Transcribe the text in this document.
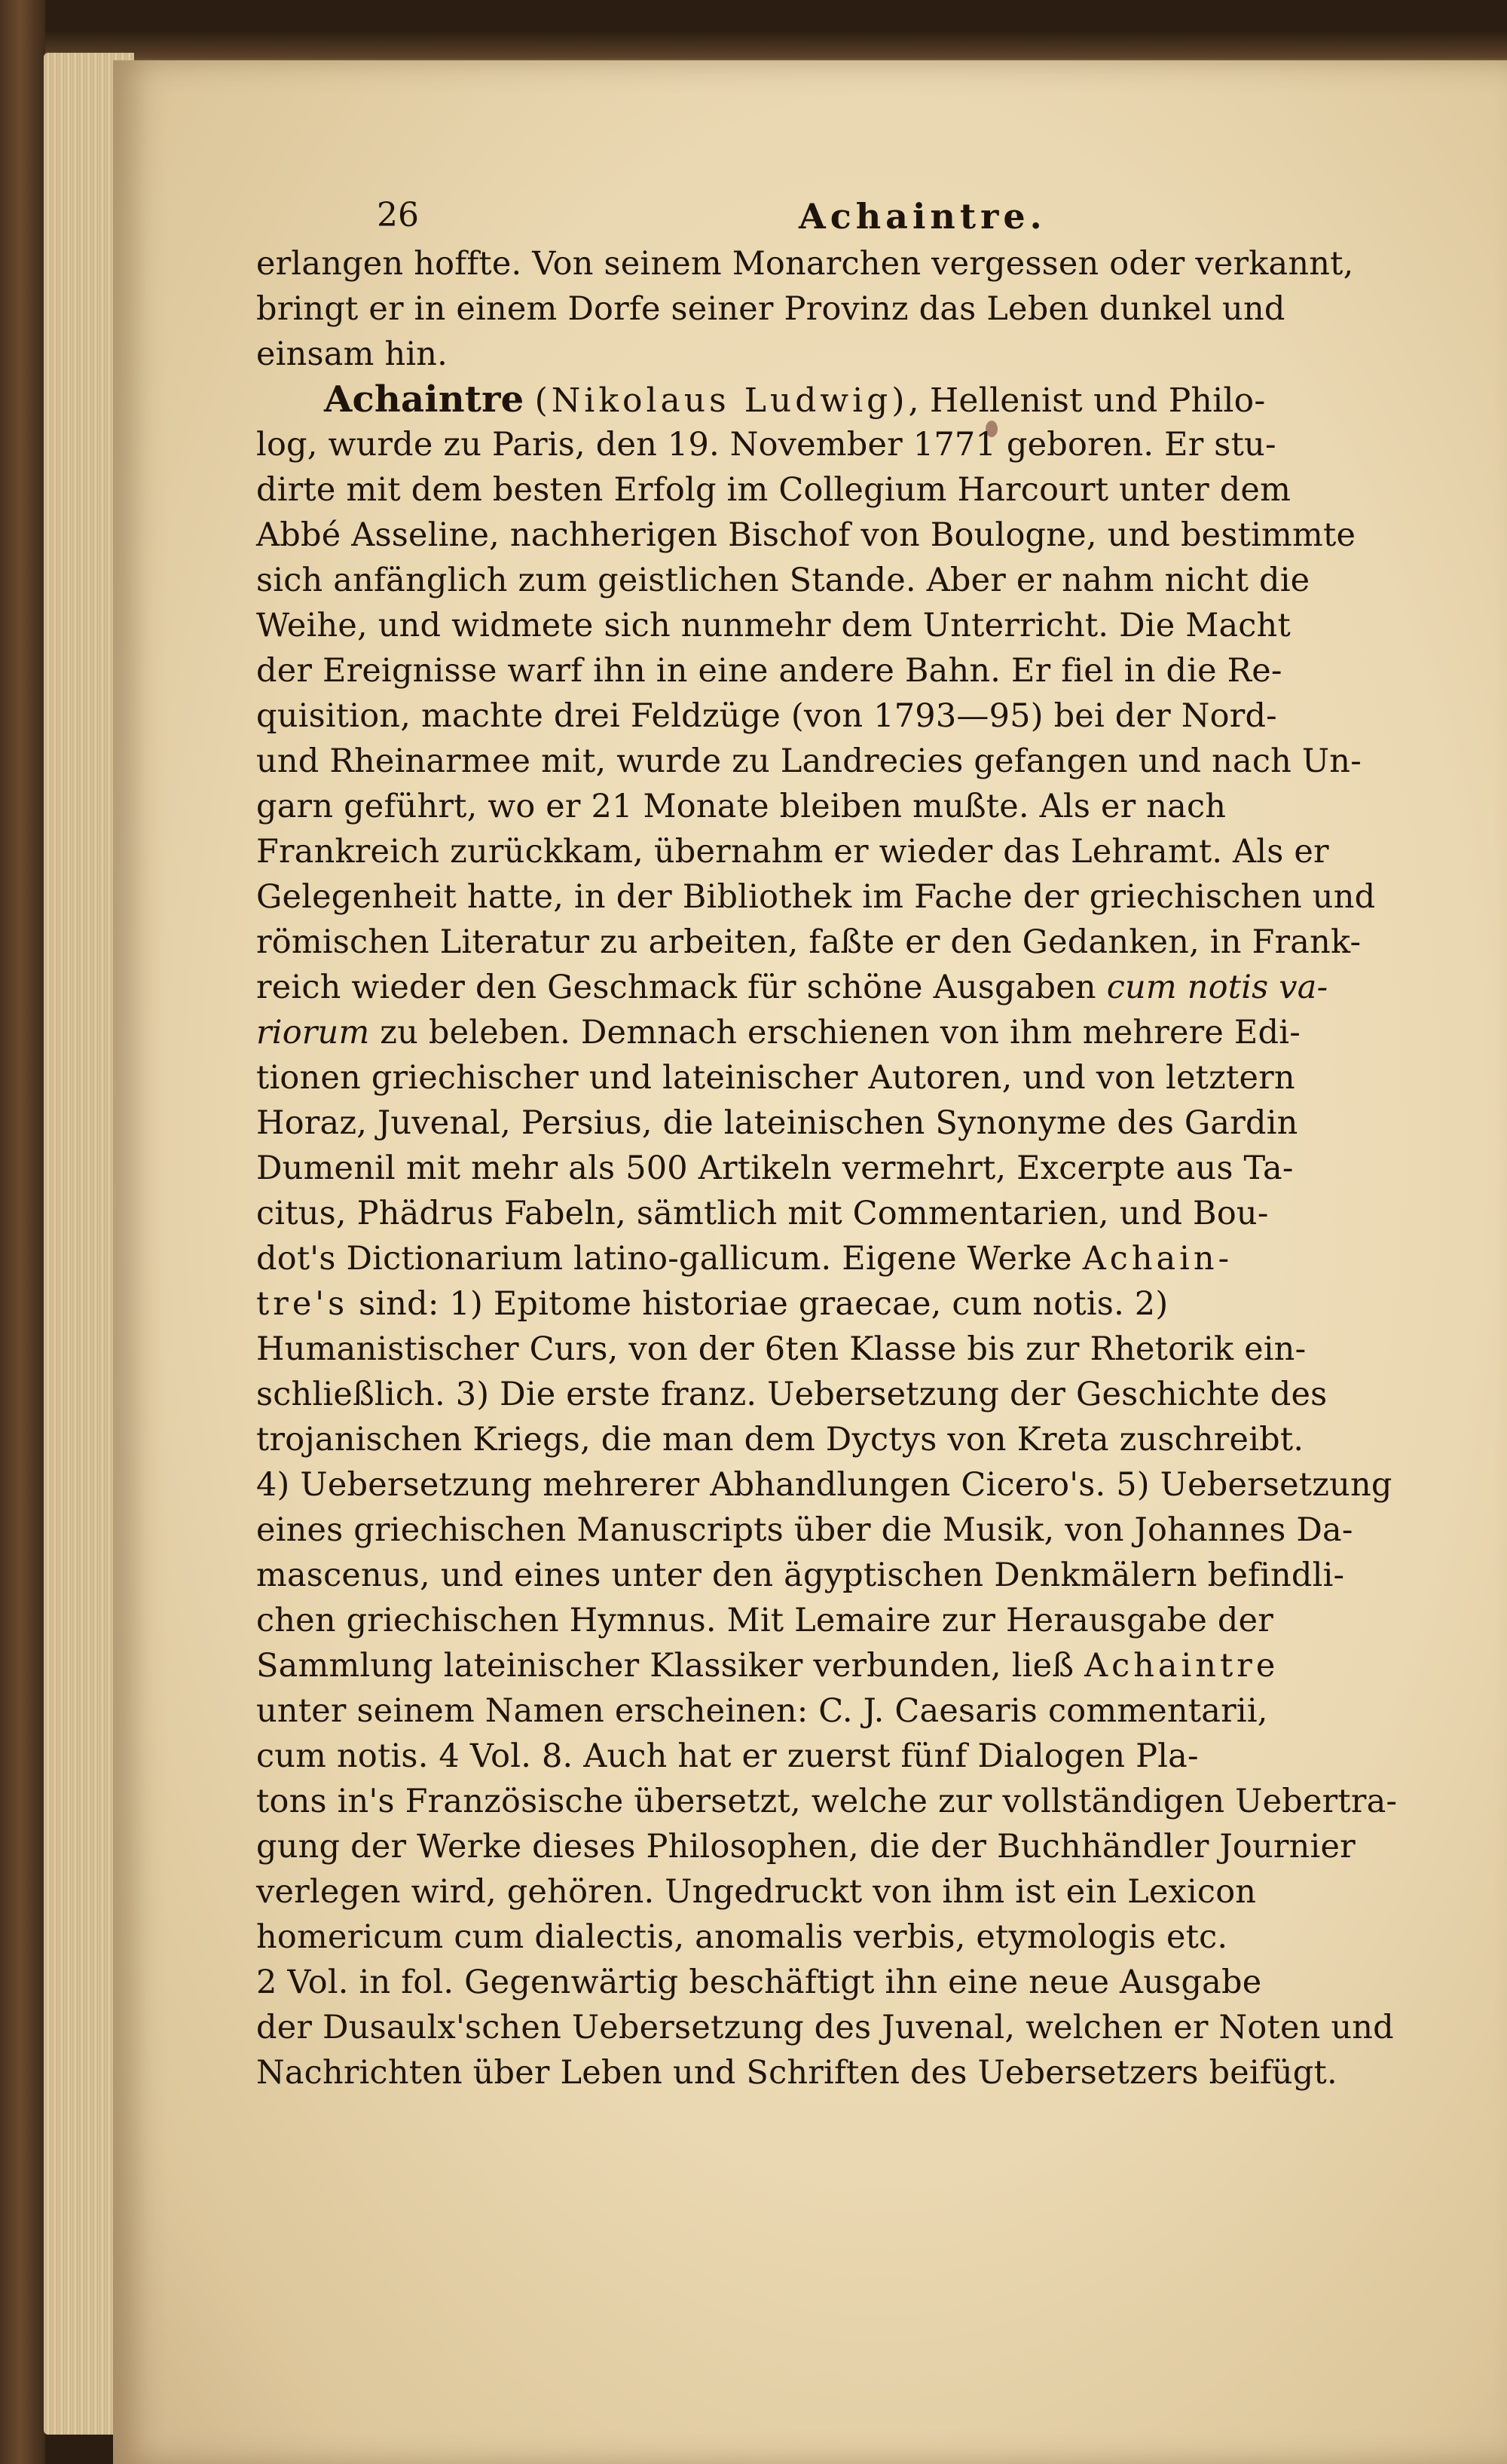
26	Achaintre.
erlangen hoffte. Von seinem Monarchen vergessen oder verkannt,
bringt er in einem Dorfe seiner Provinz das Leben dunkel und
einsam hin.
Achaintre (Nikolaus Ludwig), Hellenist und Philo-
log, wurde zu Paris, den 19. November 1771 geboren. Er stu-
dirte mit dem besten Erfolg im Collegium Harcourt unter dem
Abbé Asseline, nachherigen Bischof von Boulogne, und bestimmte
sich anfänglich zum geistlichen Stande. Aber er nahm nicht die
Weihe, und widmete sich nunmehr dem Unterricht. Die Macht
der Ereignisse warf ihn in eine andere Bahn. Er fiel in die Re-
quisition, machte drei Feldzüge (von 1793—95) bei der Nord-
und Rheinarmee mit, wurde zu Landrecies gefangen und nach Un-
garn geführt, wo er 21 Monate bleiben mußte. Als er nach
Frankreich zurückkam, übernahm er wieder das Lehramt. Als er
Gelegenheit hatte, in der Bibliothek im Fache der griechischen und
römischen Literatur zu arbeiten, faßte er den Gedanken, in Frank-
reich wieder den Geschmack für schöne Ausgaben cum notis va-
riorum zu beleben. Demnach erschienen von ihm mehrere Edi-
tionen griechischer und lateinischer Autoren, und von letztern
Horaz, Juvenal, Persius, die lateinischen Synonyme des Gardin
Dumenil mit mehr als 500 Artikeln vermehrt, Excerpte aus Ta-
citus, Phädrus Fabeln, sämtlich mit Commentarien, und Bou-
dot's Dictionarium latino-gallicum. Eigene Werke Achain-
tre's sind: 1) Epitome historiae graecae, cum notis. 2)
Humanistischer Curs, von der 6ten Klasse bis zur Rhetorik ein-
schließlich. 3) Die erste franz. Uebersetzung der Geschichte des
trojanischen Kriegs, die man dem Dyctys von Kreta zuschreibt.
4) Uebersetzung mehrerer Abhandlungen Cicero's. 5) Uebersetzung
eines griechischen Manuscripts über die Musik, von Johannes Da-
mascenus, und eines unter den ägyptischen Denkmälern befindli-
chen griechischen Hymnus. Mit Lemaire zur Herausgabe der
Sammlung lateinischer Klassiker verbunden, ließ Achaintre
unter seinem Namen erscheinen: C. J. Caesaris commentarii,
cum notis. 4 Vol. 8. Auch hat er zuerst fünf Dialogen Pla-
tons in's Französische übersetzt, welche zur vollständigen Uebertra-
gung der Werke dieses Philosophen, die der Buchhändler Journier
verlegen wird, gehören. Ungedruckt von ihm ist ein Lexicon
homericum cum dialectis, anomalis verbis, etymologis etc.
2 Vol. in fol. Gegenwärtig beschäftigt ihn eine neue Ausgabe
der Dusaulx'schen Uebersetzung des Juvenal, welchen er Noten und
Nachrichten über Leben und Schriften des Uebersetzers beifügt.
